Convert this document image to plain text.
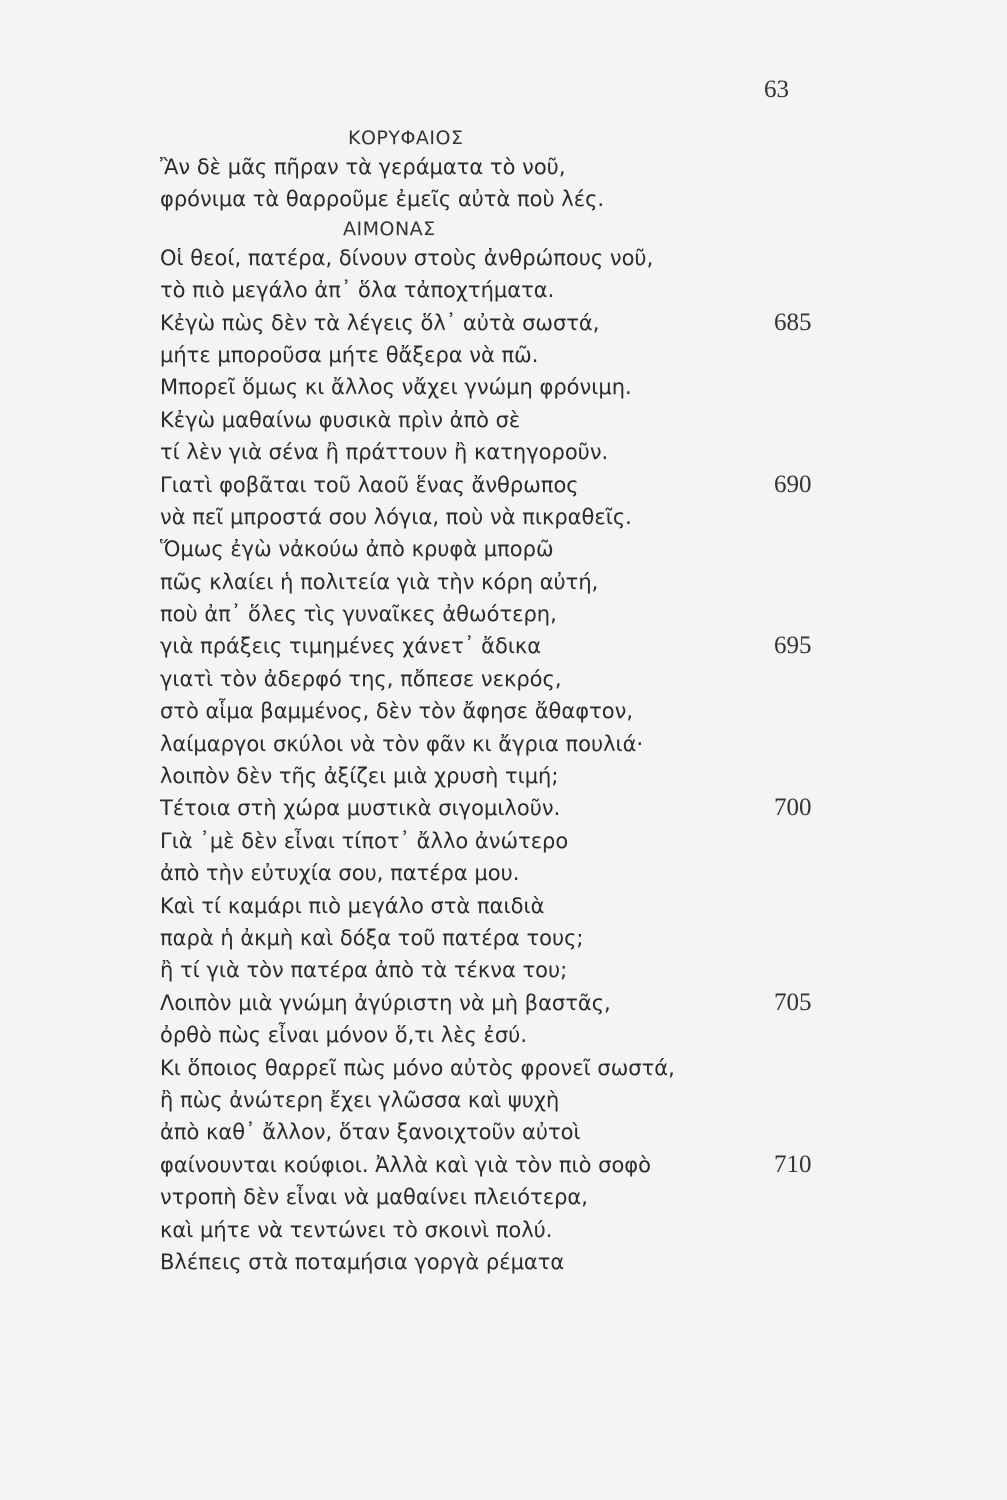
63
ΚΟΡΥΦΑΙΟΣ
Ἂν δὲ μᾶς πῆραν τὰ γεράματα τὸ νοῦ,
φρόνιμα τὰ θαρροῦμε ἐμεῖς αὐτὰ ποὺ λές.
ΑΙΜΟΝΑΣ
Οἱ θεοί, πατέρα, δίνουν στοὺς ἀνθρώπους νοῦ,
τὸ πιὸ μεγάλο ἀπ᾽ ὅλα τἀποχτήματα.
Κἐγὼ πὼς δὲν τὰ λέγεις ὅλ᾽ αὐτὰ σωστά,	685
μήτε μποροῦσα μήτε θἄξερα νὰ πῶ.
Μπορεῖ ὅμως κι ἄλλος νἄχει γνώμη φρόνιμη.
Κἐγὼ μαθαίνω φυσικὰ πρὶν ἀπὸ σὲ
τί λὲν γιὰ σένα ἢ πράττουν ἢ κατηγοροῦν.
Γιατὶ φοβᾶται τοῦ λαοῦ ἕνας ἄνθρωπος	690
νὰ πεῖ μπροστά σου λόγια, ποὺ νὰ πικραθεῖς.
Ὅμως ἐγὼ νἀκούω ἀπὸ κρυφὰ μπορῶ
πῶς κλαίει ἡ πολιτεία γιὰ τὴν κόρη αὐτή,
ποὺ ἀπ᾽ ὅλες τὶς γυναῖκες ἀθωότερη,
γιὰ πράξεις τιμημένες χάνετ᾽ ἄδικα	695
γιατὶ τὸν ἀδερφό της, πὄπεσε νεκρός,
στὸ αἷμα βαμμένος, δὲν τὸν ἄφησε ἄθαφτον,
λαίμαργοι σκύλοι νὰ τὸν φᾶν κι ἄγρια πουλιά·
λοιπὸν δὲν τῆς ἀξίζει μιὰ χρυσὴ τιμή;
Τέτοια στὴ χώρα μυστικὰ σιγομιλοῦν.	700
Γιὰ ᾽μὲ δὲν εἶναι τίποτ᾽ ἄλλο ἀνώτερο
ἀπὸ τὴν εὐτυχία σου, πατέρα μου.
Καὶ τί καμάρι πιὸ μεγάλο στὰ παιδιὰ
παρὰ ἡ ἀκμὴ καὶ δόξα τοῦ πατέρα τους;
ἢ τί γιὰ τὸν πατέρα ἀπὸ τὰ τέκνα του;
Λοιπὸν μιὰ γνώμη ἀγύριστη νὰ μὴ βαστᾶς,	705
ὀρθὸ πὼς εἶναι μόνον ὅ,τι λὲς ἐσύ.
Κι ὅποιος θαρρεῖ πὼς μόνο αὐτὸς φρονεῖ σωστά,
ἢ πὼς ἀνώτερη ἔχει γλῶσσα καὶ ψυχὴ
ἀπὸ καθ᾽ ἄλλον, ὅταν ξανοιχτοῦν αὐτοὶ
φαίνουνται κούφιοι. Ἀλλὰ καὶ γιὰ τὸν πιὸ σοφὸ	710
ντροπὴ δὲν εἶναι νὰ μαθαίνει πλειότερα,
καὶ μήτε νὰ τεντώνει τὸ σκοινὶ πολύ.
Βλέπεις στὰ ποταμήσια γοργὰ ρέματα
